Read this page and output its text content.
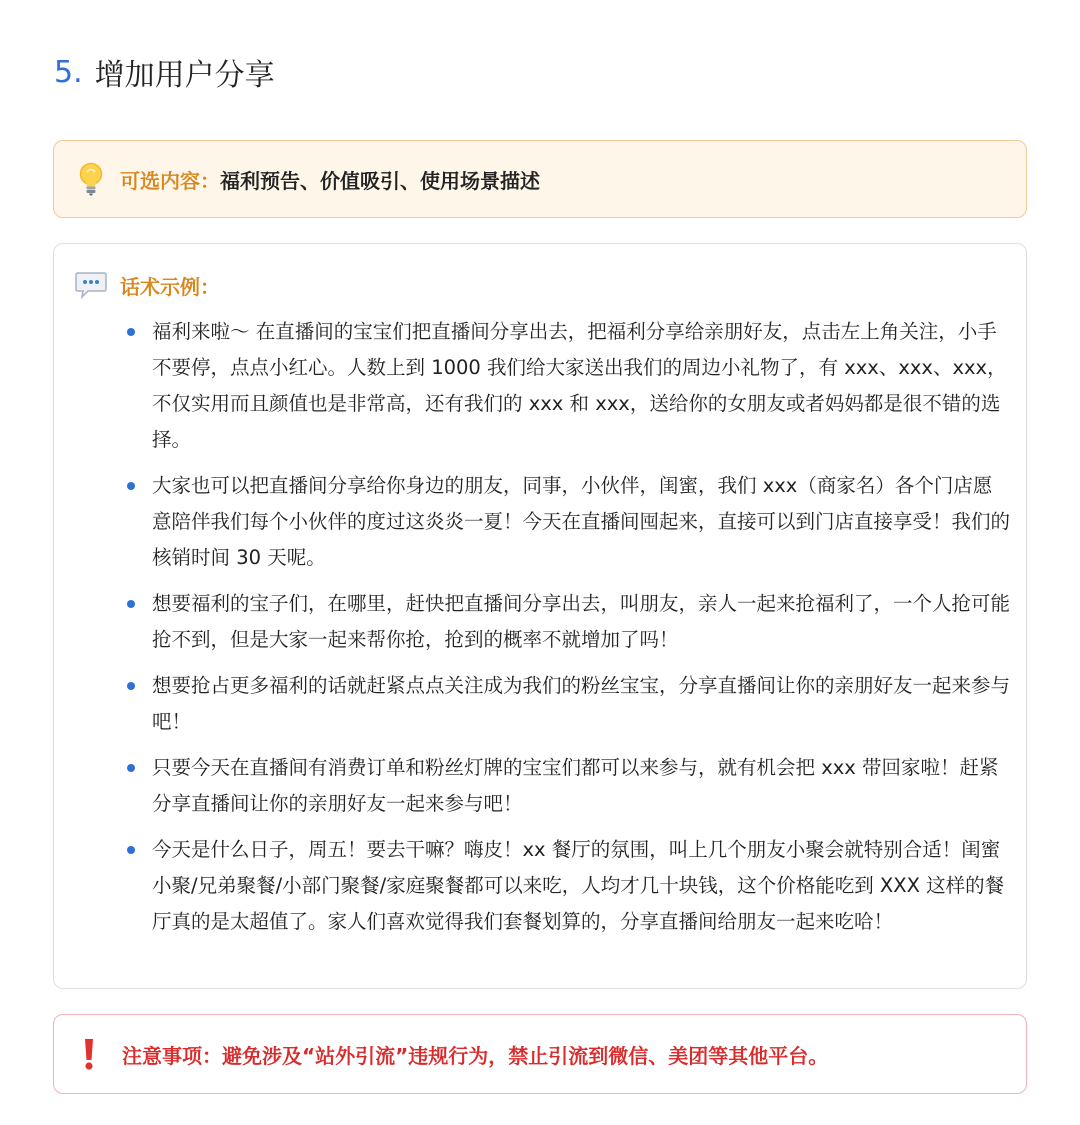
5. 增加用户分享
可选内容： 福利预告、价值吸引、使用场景描述
话术示例：
福利来啦～ 在直播间的宝宝们把直播间分享出去，把福利分享给亲朋好友，点击左上角关注，小手不要停，点点小红心。人数上到 1000 我们给大家送出我们的周边小礼物了，有 xxx、xxx、xxx，不仅实用而且颜值也是非常高，还有我们的 xxx 和 xxx，送给你的女朋友或者妈妈都是很不错的选择。
大家也可以把直播间分享给你身边的朋友，同事，小伙伴，闺蜜，我们 xxx（商家名）各个门店愿意陪伴我们每个小伙伴的度过这炎炎一夏！今天在直播间囤起来，直接可以到门店直接享受！我们的核销时间 30 天呢。
想要福利的宝子们，在哪里，赶快把直播间分享出去，叫朋友，亲人一起来抢福利了，一个人抢可能抢不到，但是大家一起来帮你抢，抢到的概率不就增加了吗！
想要抢占更多福利的话就赶紧点点关注成为我们的粉丝宝宝，分享直播间让你的亲朋好友一起来参与吧！
只要今天在直播间有消费订单和粉丝灯牌的宝宝们都可以来参与，就有机会把 xxx 带回家啦！赶紧分享直播间让你的亲朋好友一起来参与吧！
今天是什么日子，周五！要去干嘛？嗨皮！xx 餐厅的氛围，叫上几个朋友小聚会就特别合适！闺蜜小聚/兄弟聚餐/小部门聚餐/家庭聚餐都可以来吃，人均才几十块钱，这个价格能吃到 XXX 这样的餐厅真的是太超值了。家人们喜欢觉得我们套餐划算的，分享直播间给朋友一起来吃哈！
注意事项：避免涉及“站外引流”违规行为，禁止引流到微信、美团等其他平台。
